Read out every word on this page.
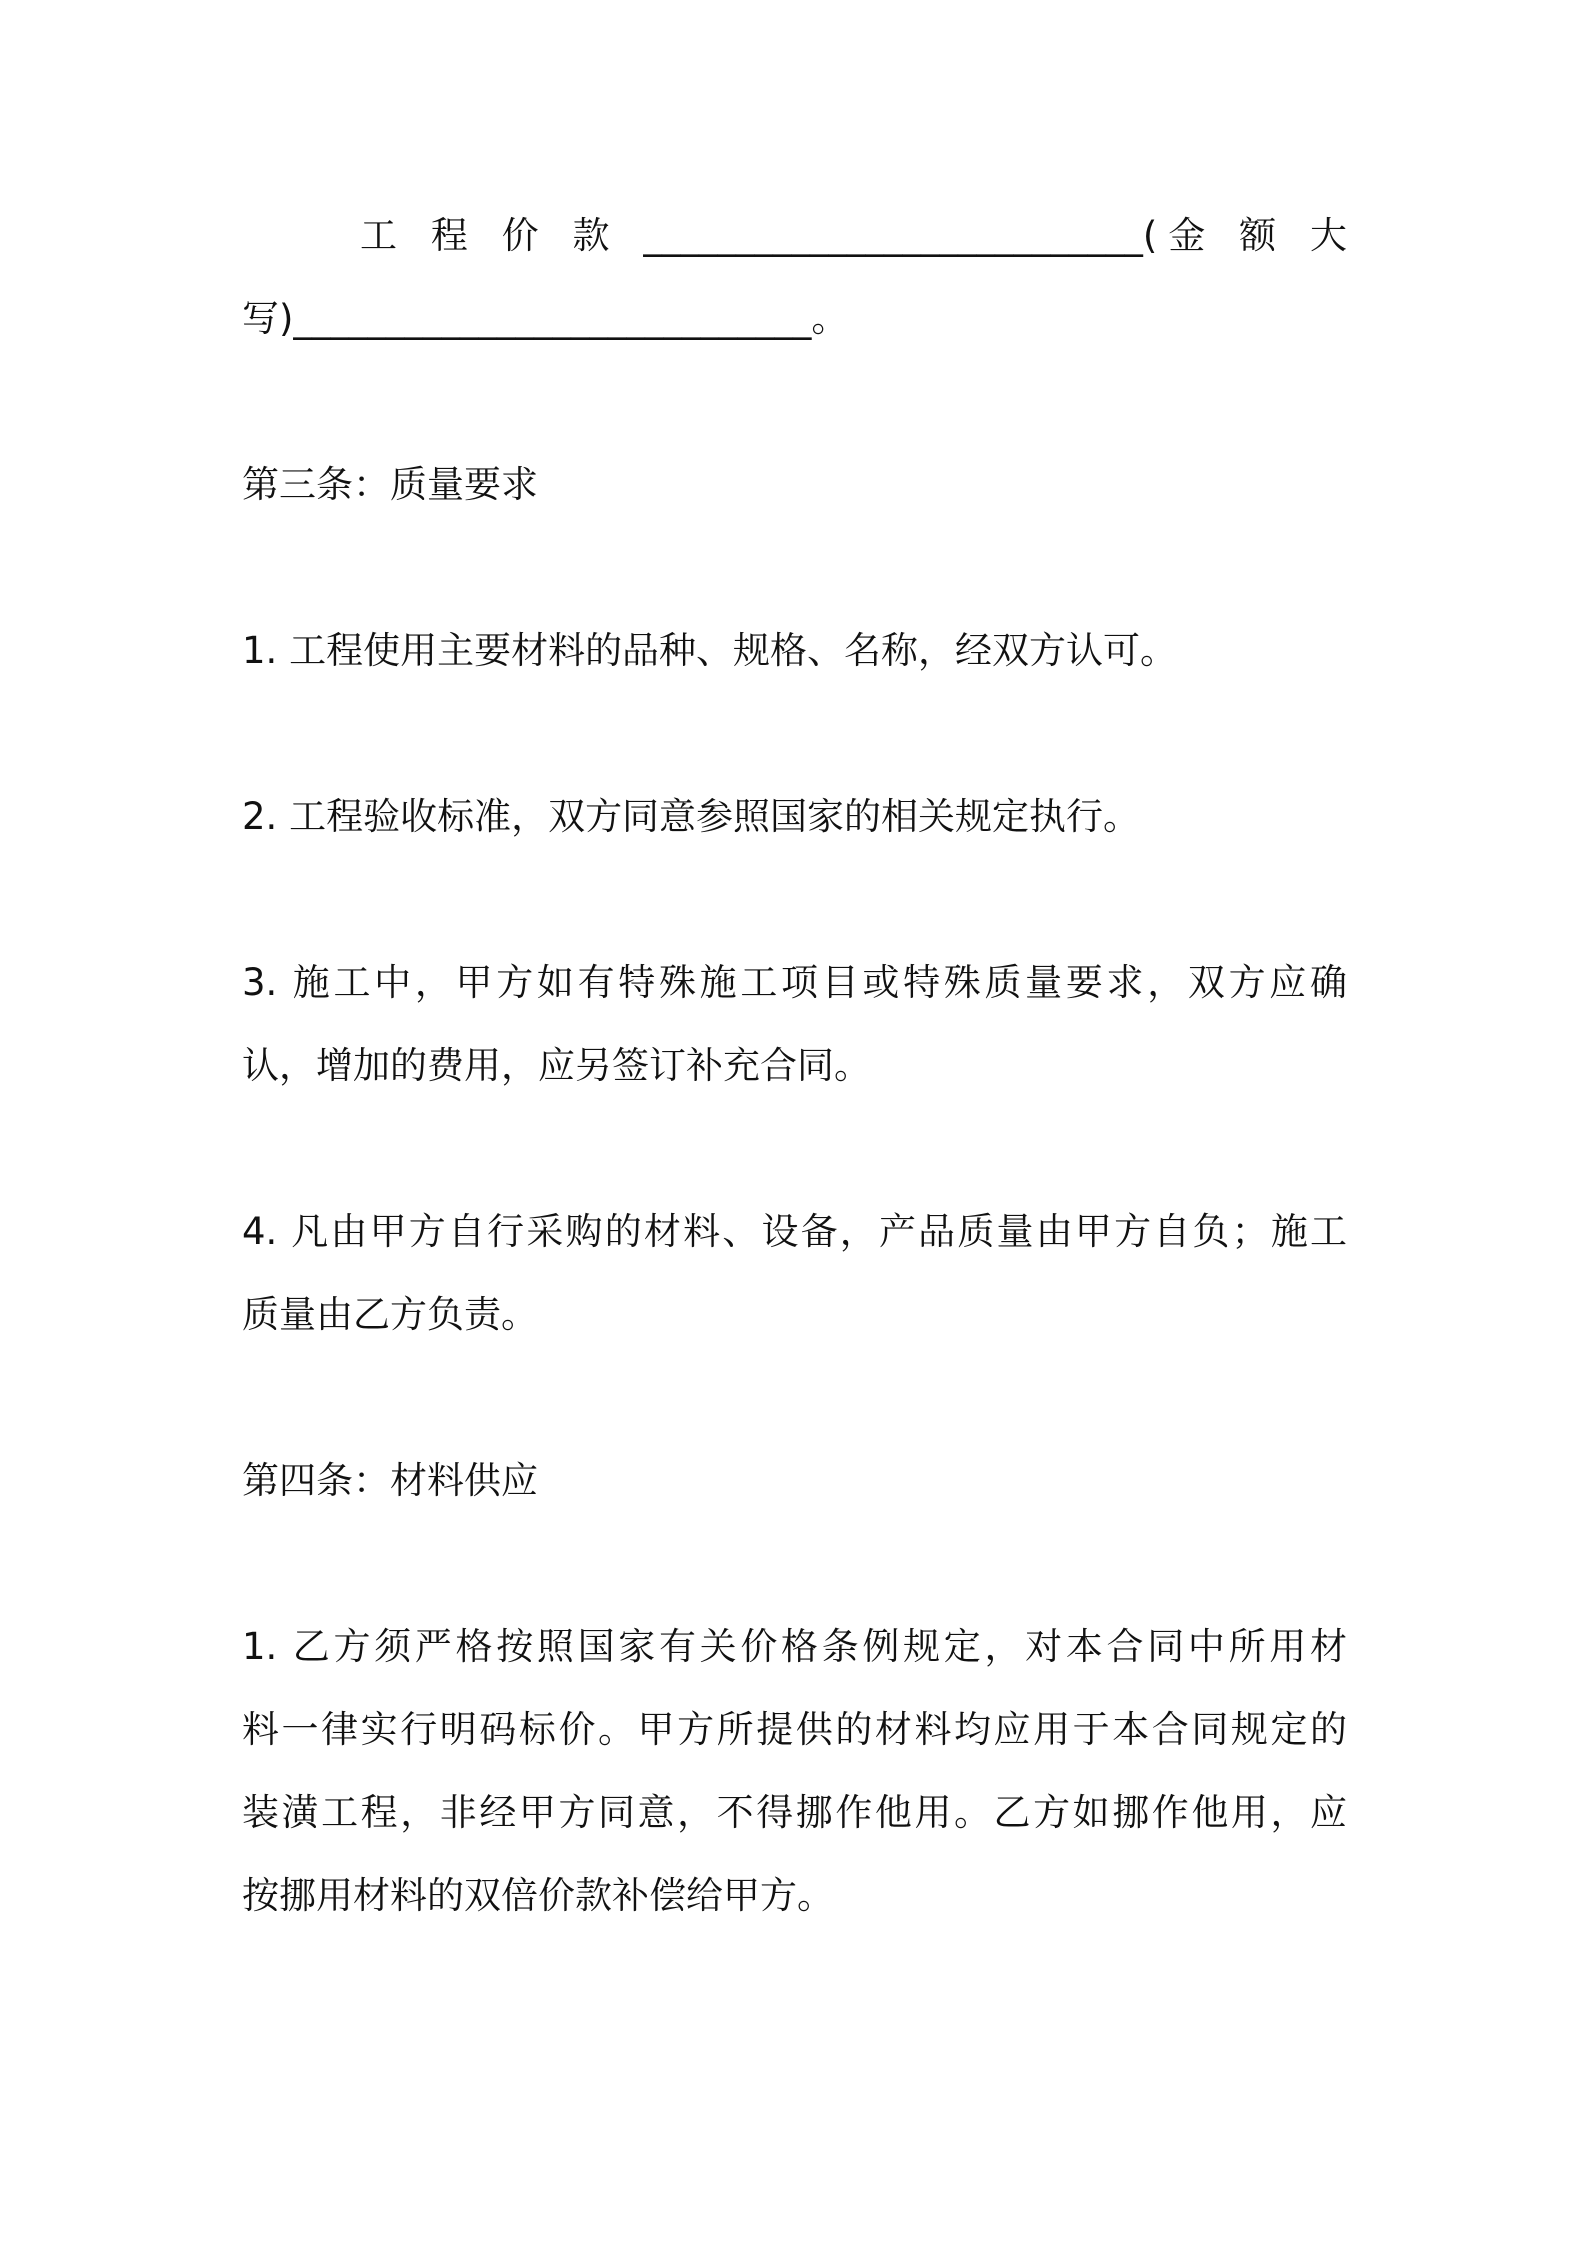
工 程 价 款 ___________________________(金 额 大
写)____________________________。
第三条：质量要求
1. 工程使用主要材料的品种、规格、名称，经双方认可。
2. 工程验收标准，双方同意参照国家的相关规定执行。
3. 施工中，甲方如有特殊施工项目或特殊质量要求，双方应确
认，增加的费用，应另签订补充合同。
4. 凡由甲方自行采购的材料、设备，产品质量由甲方自负；施工
质量由乙方负责。
第四条：材料供应
1. 乙方须严格按照国家有关价格条例规定，对本合同中所用材
料一律实行明码标价。甲方所提供的材料均应用于本合同规定的
装潢工程，非经甲方同意，不得挪作他用。乙方如挪作他用，应
按挪用材料的双倍价款补偿给甲方。
